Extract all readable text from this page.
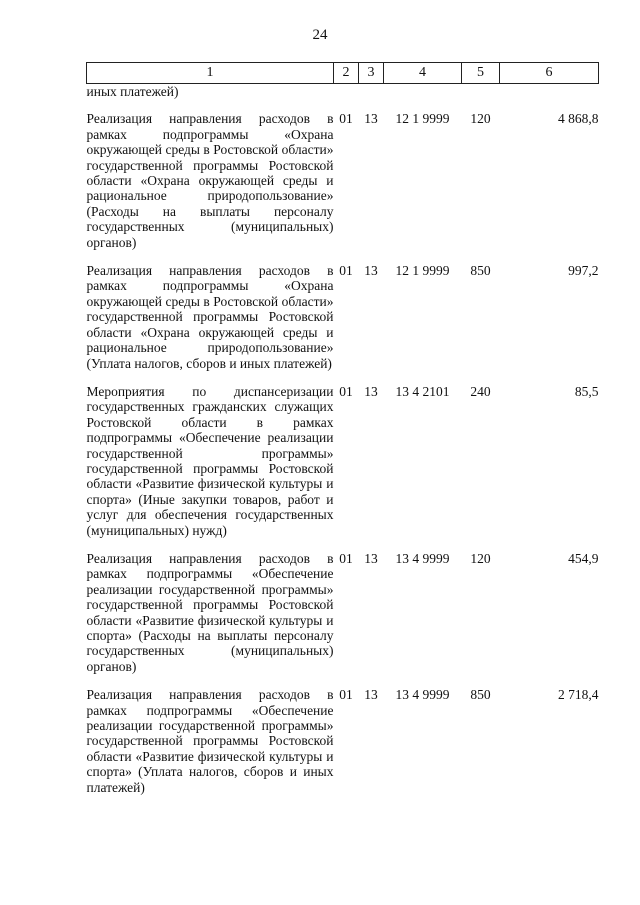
24
1	2	3	4	5	6
иных платежей)					
Реализация направления расходов в рамках подпрограммы «Охрана окружающей среды в Ростовской области» государственной программы Ростовской области «Охрана окружающей среды и рациональное природопользование» (Расходы на выплаты персоналу государственных (муниципальных) органов)	01	13	12 1 9999	120	4 868,8
Реализация направления расходов в рамках подпрограммы «Охрана окружающей среды в Ростовской области» государственной программы Ростовской области «Охрана окружающей среды и рациональное природопользование» (Уплата налогов, сборов и иных платежей)	01	13	12 1 9999	850	997,2
Мероприятия по диспансеризации государственных гражданских служащих Ростовской области в рамках подпрограммы «Обеспечение реализации государственной программы» государственной программы Ростовской области «Развитие физической культуры и спорта» (Иные закупки товаров, работ и услуг для обеспечения государственных (муниципальных) нужд)	01	13	13 4 2101	240	85,5
Реализация направления расходов в рамках подпрограммы «Обеспечение реализации государственной программы» государственной программы Ростовской области «Развитие физической культуры и спорта» (Расходы на выплаты персоналу государственных (муниципальных) органов)	01	13	13 4 9999	120	454,9
Реализация направления расходов в рамках подпрограммы «Обеспечение реализации государственной программы» государственной программы Ростовской области «Развитие физической культуры и спорта» (Уплата налогов, сборов и иных платежей)	01	13	13 4 9999	850	2 718,4
